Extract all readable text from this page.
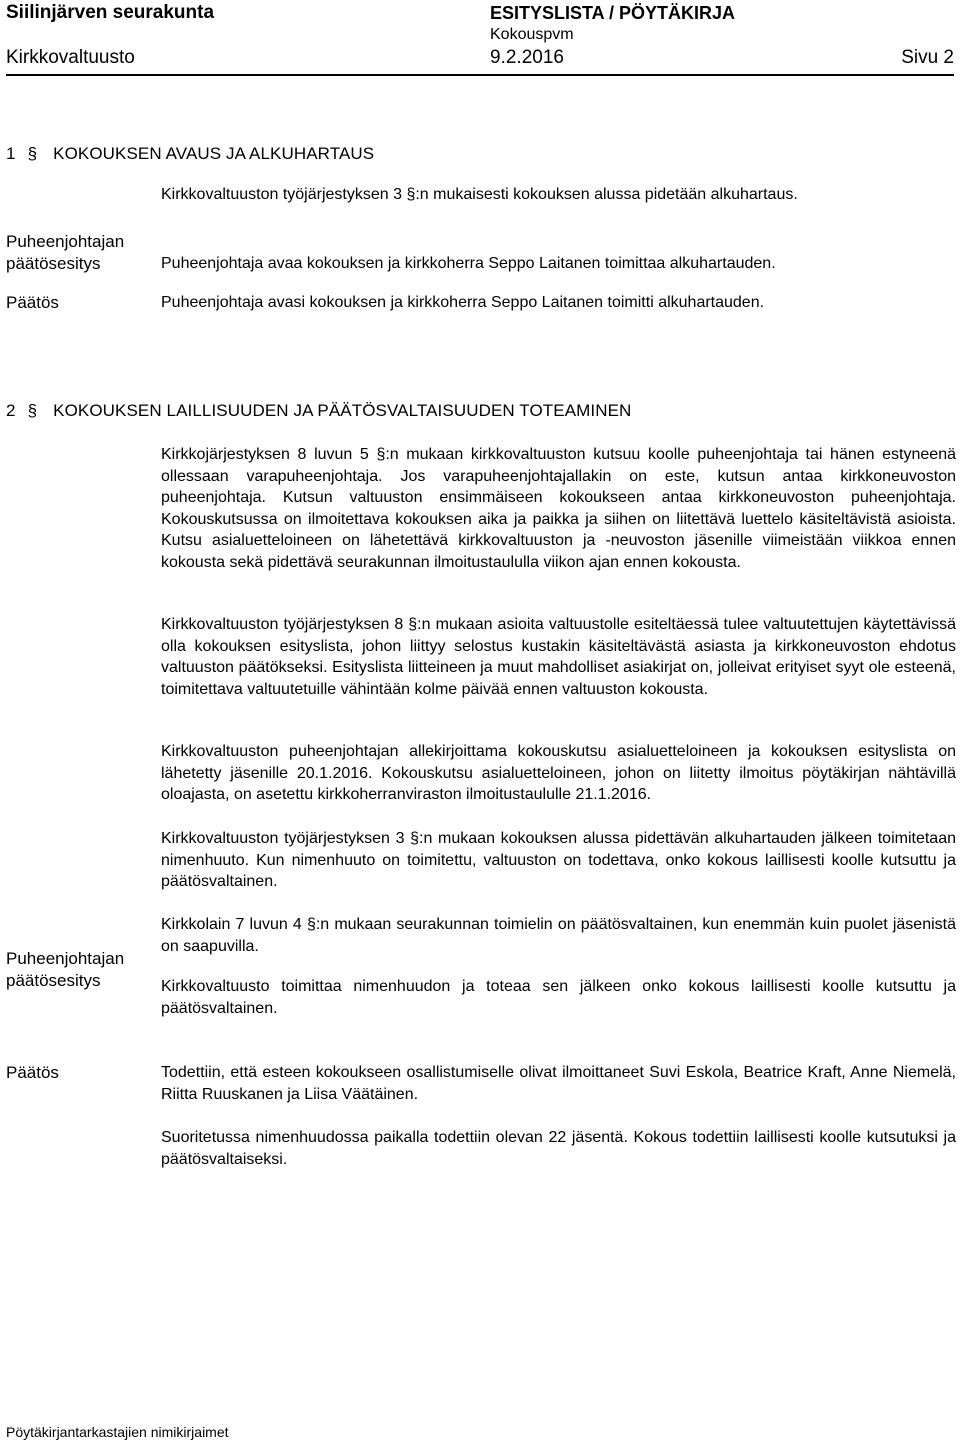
Siilinjärven seurakunta	ESITYSLISTA / PÖYTÄKIRJA
Kokouspvm
Kirkkovaltuusto	9.2.2016	Sivu 2
1 § KOKOUKSEN AVAUS JA ALKUHARTAUS
Kirkkovaltuuston työjärjestyksen 3 §:n mukaisesti kokouksen alussa pidetään alkuhartaus.
Puheenjohtajan
päätösesitys	Puheenjohtaja avaa kokouksen ja kirkkoherra Seppo Laitanen toimittaa alkuhartauden.
Päätös	Puheenjohtaja avasi kokouksen ja kirkkoherra Seppo Laitanen toimitti alkuhartauden.
2 § KOKOUKSEN LAILLISUUDEN JA PÄÄTÖSVALTAISUUDEN TOTEAMINEN
Kirkkojärjestyksen 8 luvun 5 §:n mukaan kirkkovaltuuston kutsuu koolle puheenjohtaja tai hänen estyneenä ollessaan varapuheenjohtaja. Jos varapuheenjohtajallakin on este, kutsun antaa kirkkoneuvoston puheenjohtaja. Kutsun valtuuston ensimmäiseen kokoukseen antaa kirkkoneuvoston puheenjohtaja. Kokouskutsussa on ilmoitettava kokouksen aika ja paikka ja siihen on liitettävä luettelo käsiteltävistä asioista. Kutsu asialuetteloineen on lähetettävä kirkkovaltuuston ja -neuvoston jäsenille viimeistään viikkoa ennen kokousta sekä pidettävä seurakunnan ilmoitustaululla viikon ajan ennen kokousta.
Kirkkovaltuuston työjärjestyksen 8 §:n mukaan asioita valtuustolle esiteltäessä tulee valtuutettujen käytettävissä olla kokouksen esityslista, johon liittyy selostus kustakin käsiteltävästä asiasta ja kirkkoneuvoston ehdotus valtuuston päätökseksi. Esityslista liitteineen ja muut mahdolliset asiakirjat on, jolleivat erityiset syyt ole esteenä, toimitettava valtuutetuille vähintään kolme päivää ennen valtuuston kokousta.
Kirkkovaltuuston puheenjohtajan allekirjoittama kokouskutsu asialuetteloineen ja kokouksen esityslista on lähetetty jäsenille 20.1.2016. Kokouskutsu asialuetteloineen, johon on liitetty ilmoitus pöytäkirjan nähtävillä oloajasta, on asetettu kirkkoherranviraston ilmoitustaululle 21.1.2016.
Kirkkovaltuuston työjärjestyksen 3 §:n mukaan kokouksen alussa pidettävän alkuhartauden jälkeen toimitetaan nimenhuuto. Kun nimenhuuto on toimitettu, valtuuston on todettava, onko kokous laillisesti koolle kutsuttu ja päätösvaltainen.
Kirkkolain 7 luvun 4 §:n mukaan seurakunnan toimielin on päätösvaltainen, kun enemmän kuin puolet jäsenistä on saapuvilla.
Puheenjohtajan
päätösesitys	Kirkkovaltuusto toimittaa nimenhuudon ja toteaa sen jälkeen onko kokous laillisesti koolle kutsuttu ja päätösvaltainen.
Päätös	Todettiin, että esteen kokoukseen osallistumiselle olivat ilmoittaneet Suvi Eskola, Beatrice Kraft, Anne Niemelä, Riitta Ruuskanen ja Liisa Väätäinen.
Suoritetussa nimenhuudossa paikalla todettiin olevan 22 jäsentä. Kokous todettiin laillisesti koolle kutsutuksi ja päätösvaltaiseksi.
Pöytäkirjantarkastajien nimikirjaimet
